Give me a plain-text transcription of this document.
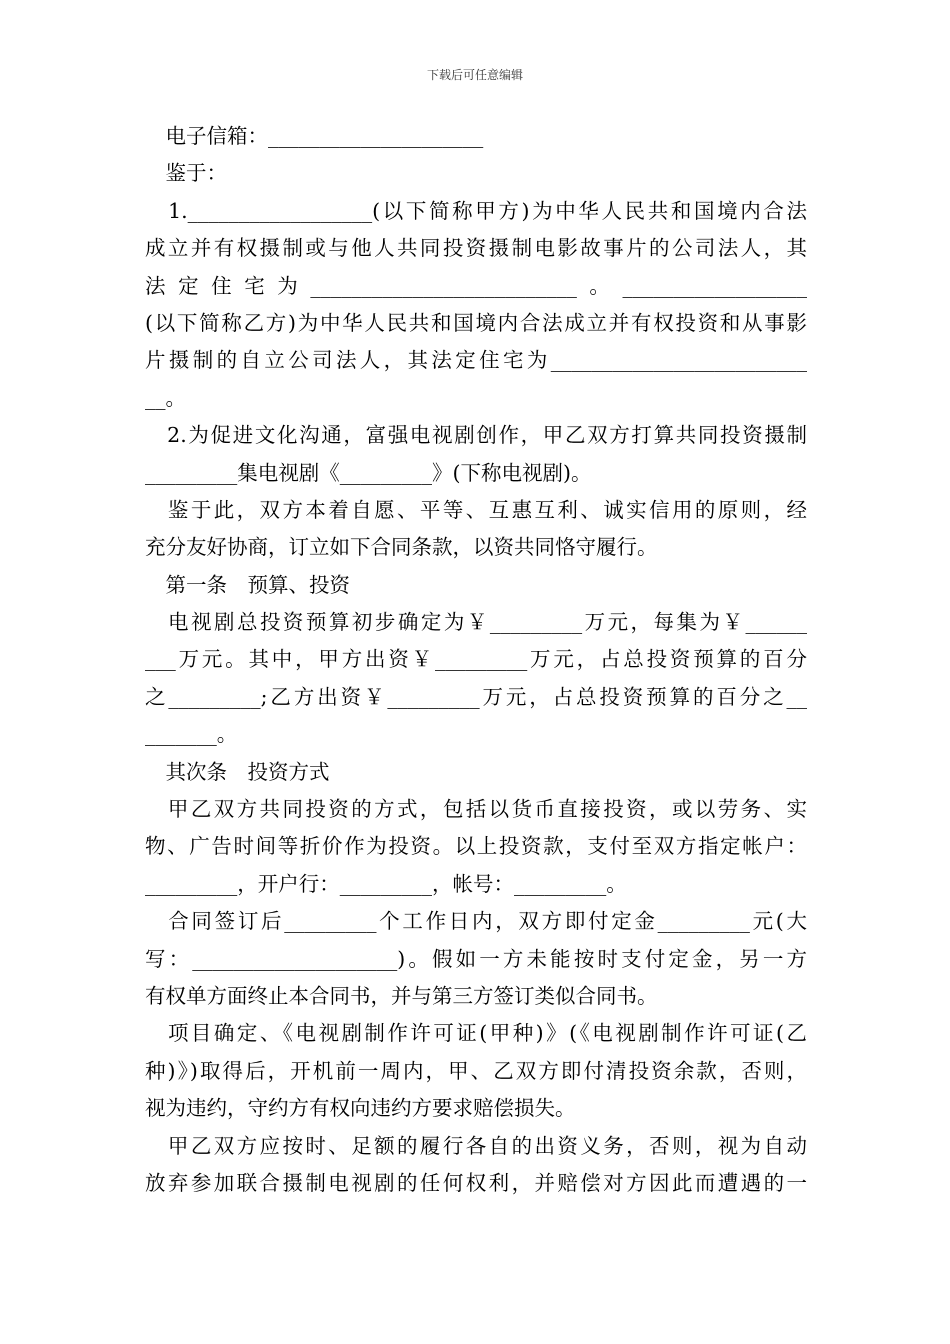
下载后可任意编辑
　电子信箱：_____________________
　鉴于：
　1.__________________(以下简称甲方)为中华人民共和国境内合法
成立并有权摄制或与他人共同投资摄制电影故事片的公司法人，其
法定住宅为__________________________。__________________
(以下简称乙方)为中华人民共和国境内合法成立并有权投资和从事影
片摄制的自立公司法人，其法定住宅为_________________________
__。
　2.为促进文化沟通，富强电视剧创作，甲乙双方打算共同投资摄制
_________集电视剧《_________》(下称电视剧)。
　鉴于此，双方本着自愿、平等、互惠互利、诚实信用的原则，经
充分友好协商，订立如下合同条款，以资共同恪守履行。
　第一条　预算、投资
　电视剧总投资预算初步确定为￥_________万元，每集为￥______
___万元。其中，甲方出资￥_________万元，占总投资预算的百分
之_________;乙方出资￥_________万元，占总投资预算的百分之__
_______。
　其次条　投资方式
　甲乙双方共同投资的方式，包括以货币直接投资，或以劳务、实
物、广告时间等折价作为投资。以上投资款，支付至双方指定帐户：
_________，开户行：_________，帐号：_________。
　合同签订后_________个工作日内，双方即付定金_________元(大
写：____________________)。假如一方未能按时支付定金，另一方
有权单方面终止本合同书，并与第三方签订类似合同书。
　项目确定、《电视剧制作许可证(甲种)》(《电视剧制作许可证(乙
种)》)取得后，开机前一周内，甲、乙双方即付清投资余款，否则，
视为违约，守约方有权向违约方要求赔偿损失。
　甲乙双方应按时、足额的履行各自的出资义务，否则，视为自动
放弃参加联合摄制电视剧的任何权利，并赔偿对方因此而遭遇的一
